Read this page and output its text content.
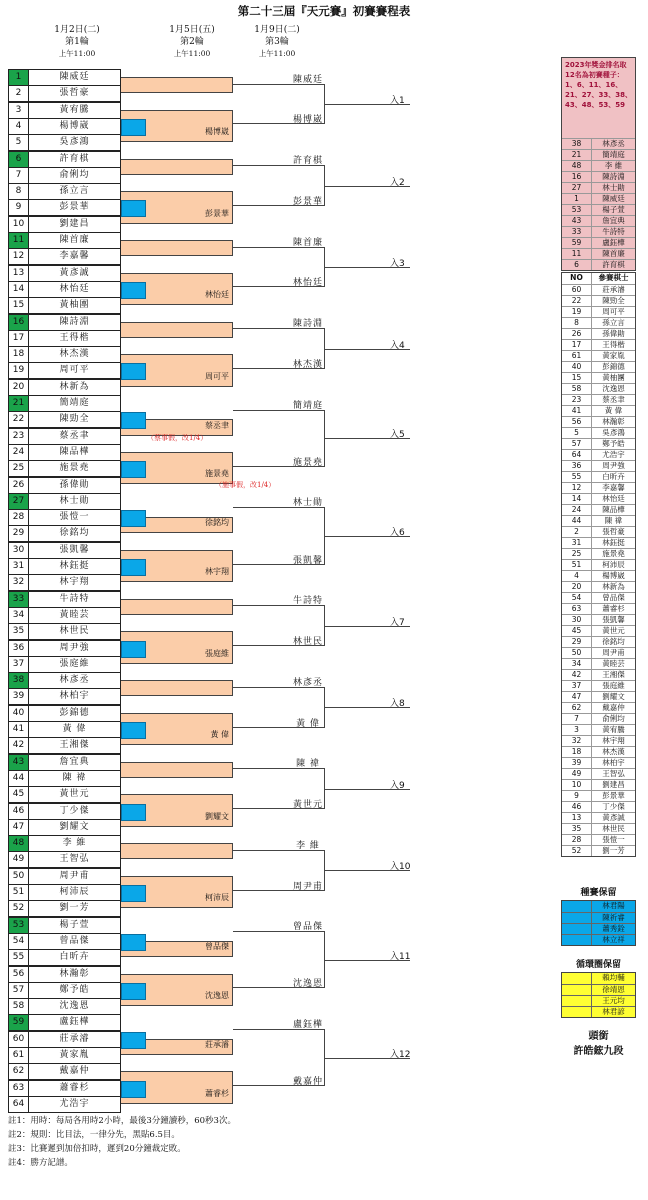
第二十三屆『天元賽』初賽賽程表
1月2日(二)
第1輪
上午11:00
1月5日(五)
第2輪
上午11:00
1月9日(二)
第3輪
上午11:00
1	陳威廷
2	張哲豪
3	黃宥騰
4	楊博崴
5	吳彥鴻
6	許育棋
7	俞俐均
8	孫立言
9	彭景華
10	劉建昌
11	陳首廉
12	李嘉馨
13	黃彥誠
14	林怡廷
15	黃柚團
16	陳詩淵
17	王得楷
18	林杰漢
19	周可平
20	林新為
21	簡靖庭
22	陳勁全
23	蔡丞聿
24	陳品樺
25	施景堯
26	孫偉勛
27	林士勛
28	張愷一
29	徐銘均
30	張凱馨
31	林鈺挺
32	林宇翔
33	牛詩特
34	黃睦芸
35	林世民
36	周尹強
37	張庭維
38	林彥丞
39	林柏宇
40	彭錦德
41	黃 偉
42	王湘傑
43	詹宜典
44	陳 禕
45	黃世元
46	丁少傑
47	劉耀文
48	李 維
49	王智弘
50	周尹甫
51	柯沛辰
52	劉一芳
53	楊子萱
54	曾品傑
55	白昕卉
56	林瀚彰
57	鄭予皓
58	沈逸恩
59	盧鈺樺
60	莊承濬
61	黃家胤
62	戴嘉仲
63	蕭睿杉
64	尤浩宇
楊博崴
陳威廷
楊博崴
入1
彭景華
許育棋
彭景華
入2
林怡廷
陳首廉
林怡廷
入3
周可平
陳詩淵
林杰漢
入4
蔡丞聿
施景堯
簡靖庭
施景堯
入5
徐銘均
林宇翔
林士勛
張凱馨
入6
張庭維
牛詩特
林世民
入7
黃 偉
林彥丞
黃 偉
入8
劉耀文
陳 禕
黃世元
入9
柯沛辰
李 維
周尹甫
入10
曾品傑
沈逸恩
曾品傑
沈逸恩
入11
莊承濬
蕭睿杉
盧鈺樺
戴嘉仲
入12
（蔡事假，改1/4）
（施事假，改1/4）
2023年獎金排名取12名為初賽種子：1、6、11、16、21、27、33、38、43、48、53、59
38	林彥丞
21	簡靖庭
48	李 維
16	陳詩淵
27	林士勛
1	陳威廷
53	楊子萱
43	詹宜典
33	牛詩特
59	盧鈺樺
11	陳首廉
6	許育棋
NO	參賽棋士
60	莊承濬
22	陳勁全
19	周可平
8	孫立言
26	孫偉勛
17	王得楷
61	黃家胤
40	彭錦德
15	黃柚團
58	沈逸恩
23	蔡丞聿
41	黃 偉
56	林瀚彰
5	吳彥鴻
57	鄭予皓
64	尤浩宇
36	周尹強
55	白昕卉
12	李嘉馨
14	林怡廷
24	陳品樺
44	陳 禕
2	張哲豪
31	林鈺挺
25	施景堯
51	柯沛辰
4	楊博崴
20	林新為
54	曾品傑
63	蕭睿杉
30	張凱馨
45	黃世元
29	徐銘均
50	周尹甫
34	黃睦芸
42	王湘傑
37	張庭維
47	劉耀文
62	戴嘉仲
7	俞俐均
3	黃宥騰
32	林宇翔
18	林杰漢
39	林柏宇
49	王智弘
10	劉建昌
9	彭景華
46	丁少傑
13	黃彥誠
35	林世民
28	張愷一
52	劉一芳
種賽保留
林君陽
陳祈睿
蕭秀銓
林立祥
循環圈保留
賴均輔
徐靖恩
王元均
林君諺
頭銜
許皓鋐九段
註1：用時：每局各用時2小時，最後3分鐘讀秒，60秒3次。
註2：規則：比目法，一律分先，黑貼6.5目。
註3：比賽遲到加倍扣時，遲到20分鐘裁定敗。
註4：勝方記譜。
